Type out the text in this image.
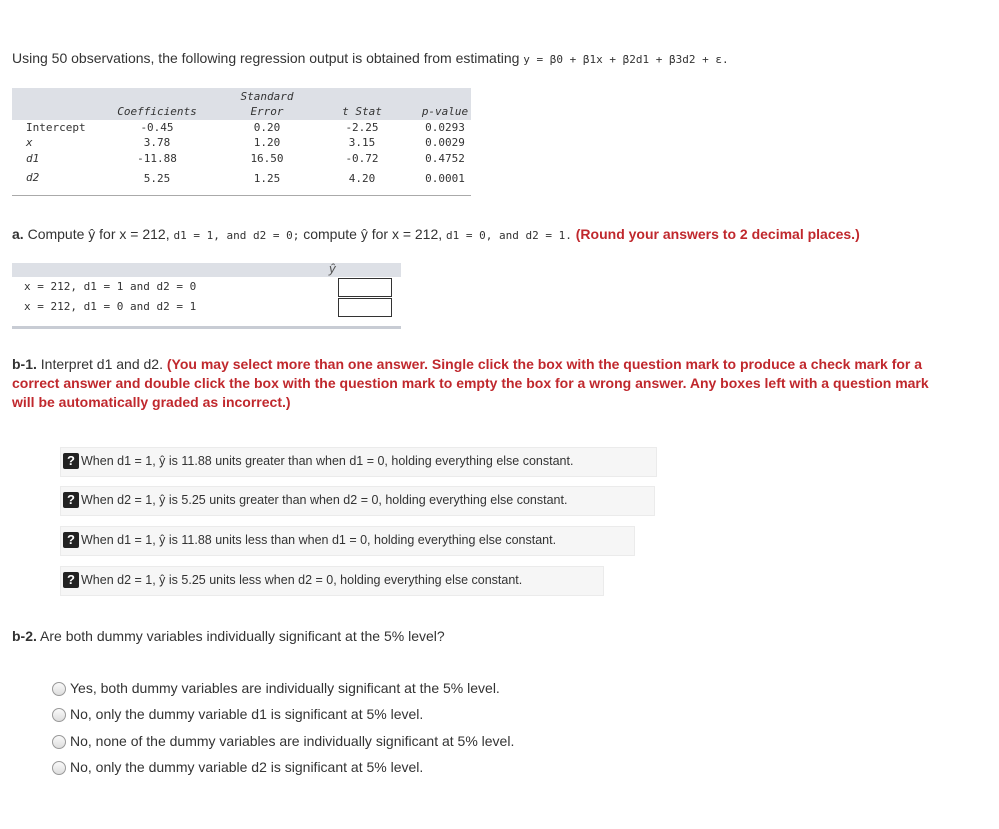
Using 50 observations, the following regression output is obtained from estimating y = β0 + β1x + β2d1 + β3d2 + ε.
Standard
Coefficients	Error	t Stat	p-value
Intercept	-0.45	0.20	-2.25	0.0293
x	3.78	1.20	3.15	0.0029
d1	-11.88	16.50	-0.72	0.4752
d2	5.25	1.25	4.20	0.0001
a. Compute ŷ for x = 212, d1 = 1, and d2 = 0; compute ŷ for x = 212, d1 = 0, and d2 = 1. (Round your answers to 2 decimal places.)
ŷ
x = 212, d1 = 1 and d2 = 0
x = 212, d1 = 0 and d2 = 1
b-1. Interpret d1 and d2. (You may select more than one answer. Single click the box with the question mark to produce a check mark for a correct answer and double click the box with the question mark to empty the box for a wrong answer. Any boxes left with a question mark will be automatically graded as incorrect.)
? When d1 = 1, ŷ is 11.88 units greater than when d1 = 0, holding everything else constant.
? When d2 = 1, ŷ is 5.25 units greater than when d2 = 0, holding everything else constant.
? When d1 = 1, ŷ is 11.88 units less than when d1 = 0, holding everything else constant.
? When d2 = 1, ŷ is 5.25 units less when d2 = 0, holding everything else constant.
b-2. Are both dummy variables individually significant at the 5% level?
Yes, both dummy variables are individually significant at the 5% level.
No, only the dummy variable d1 is significant at 5% level.
No, none of the dummy variables are individually significant at 5% level.
No, only the dummy variable d2 is significant at 5% level.
